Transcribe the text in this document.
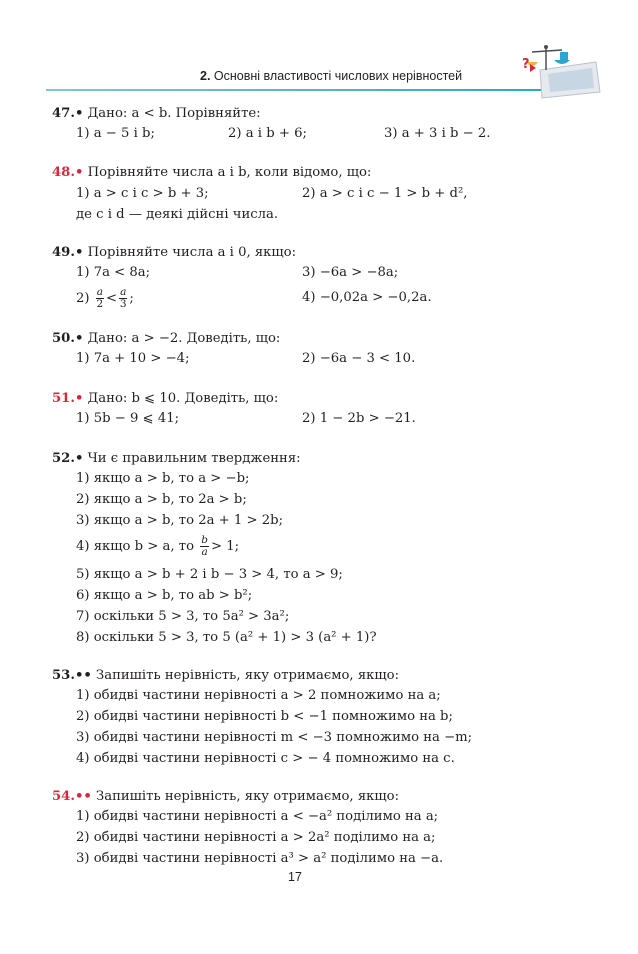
2. Основні властивості числових нерівностей
?
47.• Дано: a < b. Порівняйте:
1) a − 5 і b;	2) a і b + 6;	3) a + 3 і b − 2.
48.• Порівняйте числа a і b, коли відомо, що:
1) a > c і c > b + 3;	2) a > c і c − 1 > b + d²,
де c і d — деякі дійсні числа.
49.• Порівняйте числа a і 0, якщо:
1) 7a < 8a;	3) −6a > −8a;
$2) \frac{a}{2} < \frac{a}{3}$ ;	4) −0,02a > −0,2a.
50.• Дано: a > −2. Доведіть, що:
1) 7a + 10 > −4;	2) −6a − 3 < 10.
51.• Дано: b ⩽ 10. Доведіть, що:
1) 5b − 9 ⩽ 41;	2) 1 − 2b > −21.
52.• Чи є правильним твердження:
1) якщо a > b, то a > −b;
2) якщо a > b, то 2a > b;
3) якщо a > b, то 2a + 1 > 2b;
4) якщо b > a, то $\frac{b}{a} > 1$;
5) якщо a > b + 2 і b − 3 > 4, то a > 9;
6) якщо a > b, то ab > b²;
7) оскільки 5 > 3, то 5a² > 3a²;
8) оскільки 5 > 3, то 5 (a² + 1) > 3 (a² + 1)?
53.•• Запишіть нерівність, яку отримаємо, якщо:
1) обидві частини нерівності a > 2 помножимо на a;
2) обидві частини нерівності b < −1 помножимо на b;
3) обидві частини нерівності m < −3 помножимо на −m;
4) обидві частини нерівності c > − 4 помножимо на c.
54.•• Запишіть нерівність, яку отримаємо, якщо:
1) обидві частини нерівності a < −a² поділимо на a;
2) обидві частини нерівності a > 2a² поділимо на a;
3) обидві частини нерівності a³ > a² поділимо на −a.
17
